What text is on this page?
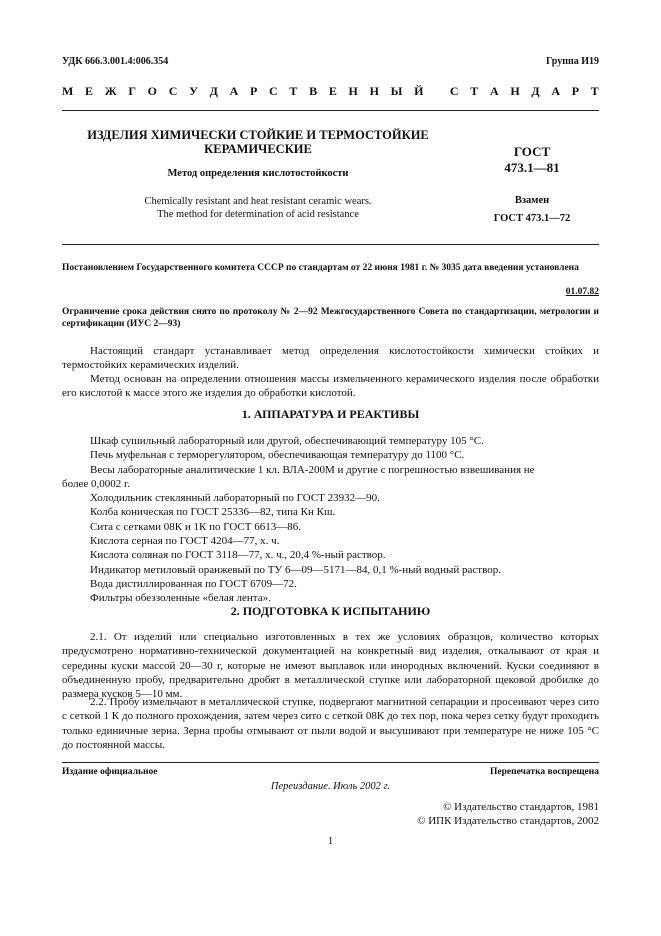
УДК 666.3.001.4:006.354	Группа И19
М Е Ж Г О С У Д А Р С Т В Е Н Н Ы Й
С Т А Н Д А Р Т
ИЗДЕЛИЯ ХИМИЧЕСКИ СТОЙКИЕ И ТЕРМОСТОЙКИЕ КЕРАМИЧЕСКИЕ
Метод определения кислотостойкости
Chemically resistant and heat resistant ceramic wears.
The method for determination of acid resistance
ГОСТ
473.1—81
Взамен
ГОСТ 473.1—72
Постановлением Государственного комитета СССР по стандартам от 22 июня 1981 г. № 3035 дата введения установлена
01.07.82
Ограничение срока действия снято по протоколу № 2—92 Межгосударственного Совета по стандартизации, метрологии и сертификации (ИУС 2—93)
Настоящий стандарт устанавливает метод определения кислотостойкости химически стойких и термостойких керамических изделий.
Метод основан на определении отношения массы измельченного керамического изделия после обработки его кислотой к массе этого же изделия до обработки кислотой.
1. АППАРАТУРА И РЕАКТИВЫ
Шкаф сушильный лабораторный или другой, обеспечивающий температуру 105 °С.
Печь муфельная с терморегулятором, обеспечивающая температуру до 1100 °С.
Весы лабораторные аналитические 1 кл. ВЛА-200М и другие с погрешностью взвешивания не
более 0,0002 г.
Холодильник стеклянный лабораторный по ГОСТ 23932—90.
Колба коническая по ГОСТ 25336—82, типа Кн Кш.
Сита с сетками 08К и 1К по ГОСТ 6613—86.
Кислота серная по ГОСТ 4204—77, х. ч.
Кислота соляная по ГОСТ 3118—77, х. ч., 20,4 %-ный раствор.
Индикатор метиловый оранжевый по ТУ 6—09—5171—84, 0,1 %-ный водный раствор.
Вода дистиллированная по ГОСТ 6709—72.
Фильтры обеззоленные «белая лента».
2. ПОДГОТОВКА К ИСПЫТАНИЮ
2.1. От изделий или специально изготовленных в тех же условиях образцов, количество которых предусмотрено нормативно-технической документацией на конкретный вид изделия, откалывают от края и середины куски массой 20—30 г, которые не имеют выплавок или инородных включений. Куски соединяют в объединенную пробу, предварительно дробят в металлической ступке или лабораторной щековой дробилке до размера кусков 5—10 мм.
2.2. Пробу измельчают в металлической ступке, подвергают магнитной сепарации и просеивают через сито с сеткой 1 К до полного прохождения, затем через сито с сеткой 08К до тех пор, пока через сетку будут проходить только единичные зерна. Зерна пробы отмывают от пыли водой и высушивают при температуре не ниже 105 °С до постоянной массы.
Издание официальное	Перепечатка воспрещена
Переиздание. Июль 2002 г.
© Издательство стандартов, 1981
© ИПК Издательство стандартов, 2002
1
